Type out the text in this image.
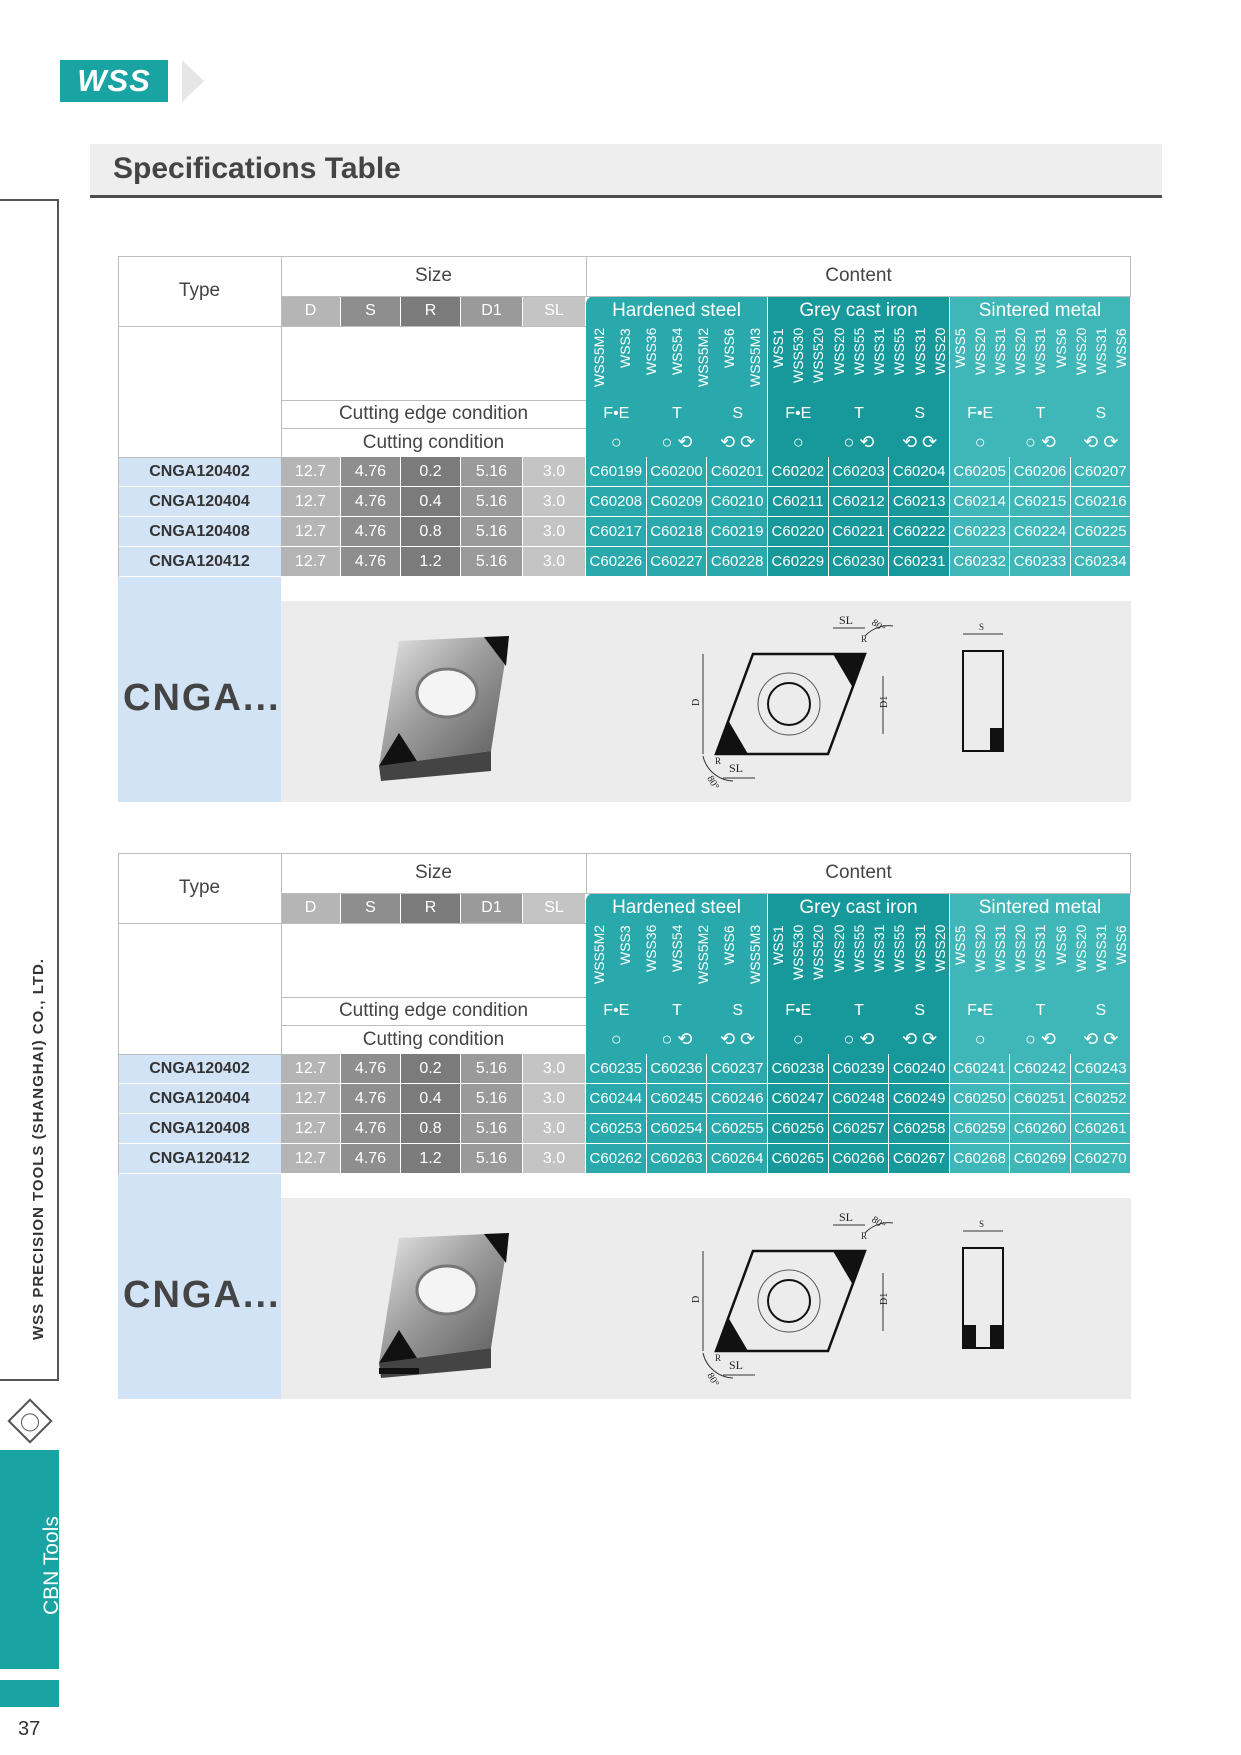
WSS
Specifications Table
WSS PRECISION TOOLS (SHANGHAI) CO., LTD.
CBN Tools
37
Type
Size	Content
D	S	R	D1	SL	Hardened steel
WSS5M2 WSS3 WSS36 WSS54 WSS5M2 WSS6 WSS5M3
F•E	T	S
○	○ ⟲	⟲ ⟳
Grey cast iron
WSS1 WSS530 WSS520 WSS20 WSS55 WSS31 WSS55 WSS31 WSS20
F•E	T	S
○	○ ⟲	⟲ ⟳
Sintered metal
WSS5 WSS20 WSS31 WSS20 WSS31 WSS6 WSS20 WSS31 WSS6
F•E	T	S
○	○ ⟲	⟲ ⟳
Cutting edge condition
Cutting condition
CNGA120402	12.7	4.76	0.2	5.16	3.0	C60199 C60200 C60201 C60202 C60203 C60204 C60205 C60206 C60207
CNGA120404	12.7	4.76	0.4	5.16	3.0	C60208 C60209 C60210 C60211 C60212 C60213 C60214 C60215 C60216
CNGA120408	12.7	4.76	0.8	5.16	3.0	C60217 C60218 C60219 C60220 C60221 C60222 C60223 C60224 C60225
CNGA120412	12.7	4.76	1.2	5.16	3.0	C60226 C60227 C60228 C60229 C60230 C60231 C60232 C60233 C60234
CNGA...
SL 80°
R
SL
80°
R
D	D1
S
Type
Size	Content
D	S	R	D1	SL	Hardened steel
WSS5M2 WSS3 WSS36 WSS54 WSS5M2 WSS6 WSS5M3
F•E	T	S
○	○ ⟲	⟲ ⟳
Grey cast iron
WSS1 WSS530 WSS520 WSS20 WSS55 WSS31 WSS55 WSS31 WSS20
F•E	T	S
○	○ ⟲	⟲ ⟳
Sintered metal
WSS5 WSS20 WSS31 WSS20 WSS31 WSS6 WSS20 WSS31 WSS6
F•E	T	S
○	○ ⟲	⟲ ⟳
Cutting edge condition
Cutting condition
CNGA120402	12.7	4.76	0.2	5.16	3.0	C60235 C60236 C60237 C60238 C60239 C60240 C60241 C60242 C60243
CNGA120404	12.7	4.76	0.4	5.16	3.0	C60244 C60245 C60246 C60247 C60248 C60249 C60250 C60251 C60252
CNGA120408	12.7	4.76	0.8	5.16	3.0	C60253 C60254 C60255 C60256 C60257 C60258 C60259 C60260 C60261
CNGA120412	12.7	4.76	1.2	5.16	3.0	C60262 C60263 C60264 C60265 C60266 C60267 C60268 C60269 C60270
CNGA...
SL 80°
R
SL
80°
R
D	D1
S
